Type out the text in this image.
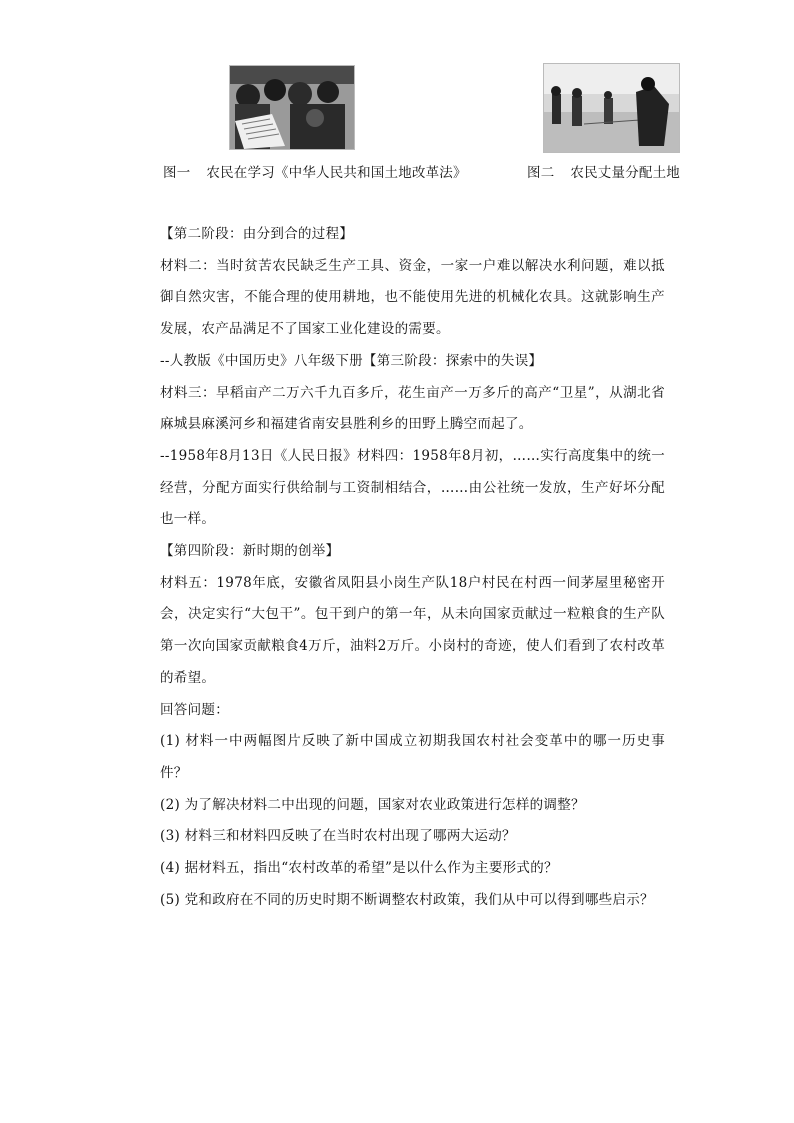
图一 农民在学习《中华人民共和国土地改革法》	图二 农民丈量分配土地

【第二阶段：由分到合的过程】

材料二：当时贫苦农民缺乏生产工具、资金，一家一户难以解决水利问题，难以抵御自然灾害，不能合理的使用耕地，也不能使用先进的机械化农具。这就影响生产发展，农产品满足不了国家工业化建设的需要。

--人教版《中国历史》八年级下册【第三阶段：探索中的失误】

材料三：早稻亩产二万六千九百多斤，花生亩产一万多斤的高产“卫星”，从湖北省麻城县麻溪河乡和福建省南安县胜利乡的田野上腾空而起了。

--1958年8月13日《人民日报》材料四：1958年8月初，……实行高度集中的统一经营，分配方面实行供给制与工资制相结合，……由公社统一发放，生产好坏分配也一样。

【第四阶段：新时期的创举】

材料五：1978年底，安徽省凤阳县小岗生产队18户村民在村西一间茅屋里秘密开会，决定实行“大包干”。包干到户的第一年，从未向国家贡献过一粒粮食的生产队第一次向国家贡献粮食4万斤，油料2万斤。小岗村的奇迹，使人们看到了农村改革的希望。

回答问题：

(1) 材料一中两幅图片反映了新中国成立初期我国农村社会变革中的哪一历史事件？

(2) 为了解决材料二中出现的问题，国家对农业政策进行怎样的调整？

(3) 材料三和材料四反映了在当时农村出现了哪两大运动？

(4) 据材料五，指出“农村改革的希望”是以什么作为主要形式的？

(5) 党和政府在不同的历史时期不断调整农村政策，我们从中可以得到哪些启示？
